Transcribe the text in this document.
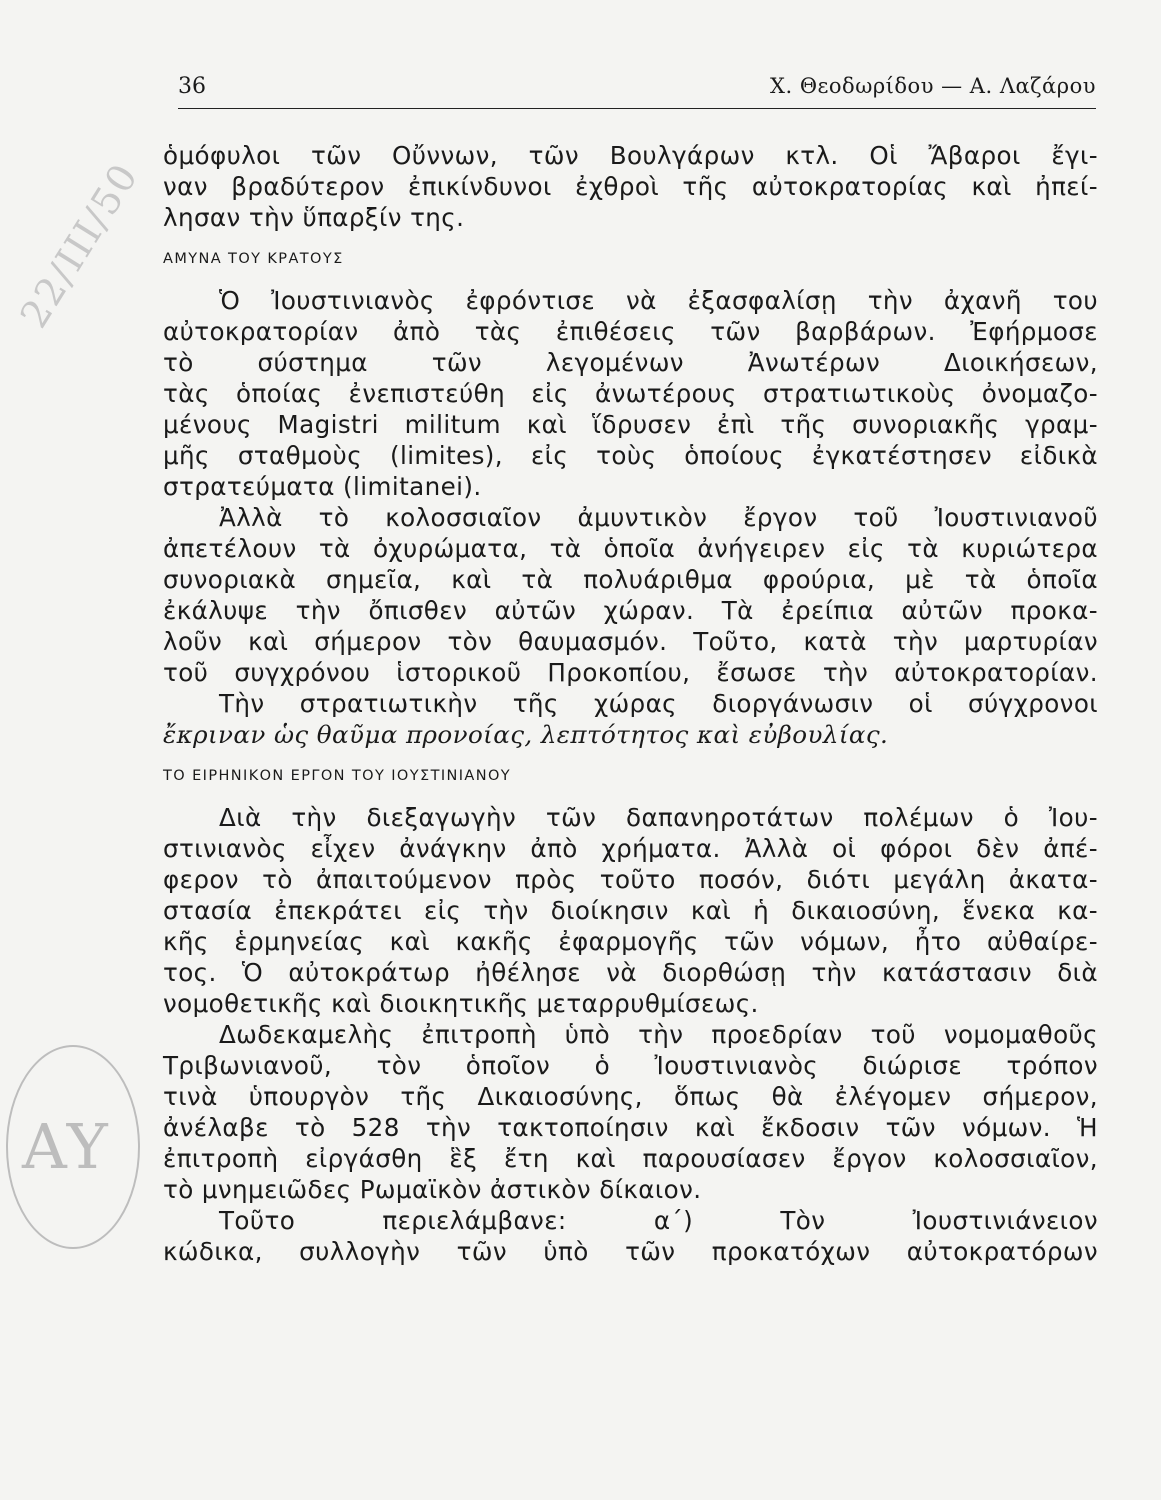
36	Χ. Θεοδωρίδου — Α. Λαζάρου
22/III/50
ΑΥ

ὁμόφυλοι τῶν Οὔννων, τῶν Βουλγάρων κτλ. Οἱ Ἄβαροι ἔγι-

ναν βραδύτερον ἐπικίνδυνοι ἐχθροὶ τῆς αὐτοκρατορίας καὶ ἠπεί-

λησαν τὴν ὕπαρξίν της.

ΑΜΥΝΑ ΤΟΥ ΚΡΑΤΟΥΣ

Ὁ Ἰουστινιανὸς ἐφρόντισε νὰ ἐξασφαλίσῃ τὴν ἀχανῆ του

αὐτοκρατορίαν ἀπὸ τὰς ἐπιθέσεις τῶν βαρβάρων. Ἐφήρμοσε

τὸ σύστημα τῶν λεγομένων Ἀνωτέρων Διοικήσεων,

τὰς ὁποίας ἐνεπιστεύθη εἰς ἀνωτέρους στρατιωτικοὺς ὀνομαζο-

μένους Magistri militum καὶ ἵδρυσεν ἐπὶ τῆς συνοριακῆς γραμ-

μῆς σταθμοὺς (limites), εἰς τοὺς ὁποίους ἐγκατέστησεν εἰδικὰ

στρατεύματα (limitanei).

Ἀλλὰ τὸ κολοσσιαῖον ἀμυντικὸν ἔργον τοῦ Ἰουστινιανοῦ

ἀπετέλουν τὰ ὀχυρώματα, τὰ ὁποῖα ἀνήγειρεν εἰς τὰ κυριώτερα

συνοριακὰ σημεῖα, καὶ τὰ πολυάριθμα φρούρια, μὲ τὰ ὁποῖα

ἐκάλυψε τὴν ὄπισθεν αὐτῶν χώραν. Τὰ ἐρείπια αὐτῶν προκα-

λοῦν καὶ σήμερον τὸν θαυμασμόν. Τοῦτο, κατὰ τὴν μαρτυρίαν

τοῦ συγχρόνου ἱστορικοῦ Προκοπίου, ἔσωσε τὴν αὐτοκρατορίαν.

Τὴν στρατιωτικὴν τῆς χώρας διοργάνωσιν οἱ σύγχρονοι

ἔκριναν ὡς θαῦμα προνοίας, λεπτότητος καὶ εὐβουλίας.

ΤΟ ΕΙΡΗΝΙΚΟΝ ΕΡΓΟΝ ΤΟΥ ΙΟΥΣΤΙΝΙΑΝΟΥ

Διὰ τὴν διεξαγωγὴν τῶν δαπανηροτάτων πολέμων ὁ Ἰου-

στινιανὸς εἶχεν ἀνάγκην ἀπὸ χρήματα. Ἀλλὰ οἱ φόροι δὲν ἀπέ-

φερον τὸ ἀπαιτούμενον πρὸς τοῦτο ποσόν, διότι μεγάλη ἀκατα-

στασία ἐπεκράτει εἰς τὴν διοίκησιν καὶ ἡ δικαιοσύνη, ἕνεκα κα-

κῆς ἑρμηνείας καὶ κακῆς ἐφαρμογῆς τῶν νόμων, ἦτο αὐθαίρε-

τος. Ὁ αὐτοκράτωρ ἠθέλησε νὰ διορθώσῃ τὴν κατάστασιν διὰ

νομοθετικῆς καὶ διοικητικῆς μεταρρυθμίσεως.

Δωδεκαμελὴς ἐπιτροπὴ ὑπὸ τὴν προεδρίαν τοῦ νομομαθοῦς

Τριβωνιανοῦ, τὸν ὁποῖον ὁ Ἰουστινιανὸς διώρισε τρόπον

τινὰ ὑπουργὸν τῆς Δικαιοσύνης, ὅπως θὰ ἐλέγομεν σήμερον,

ἀνέλαβε τὸ 528 τὴν τακτοποίησιν καὶ ἔκδοσιν τῶν νόμων. Ἡ

ἐπιτροπὴ εἰργάσθη ἓξ ἔτη καὶ παρουσίασεν ἔργον κολοσσιαῖον,

τὸ μνημειῶδες Ρωμαϊκὸν ἀστικὸν δίκαιον.

Τοῦτο περιελάμβανε: α΄) Τὸν Ἰουστινιάνειον

κώδικα, συλλογὴν τῶν ὑπὸ τῶν προκατόχων αὐτοκρατόρων
